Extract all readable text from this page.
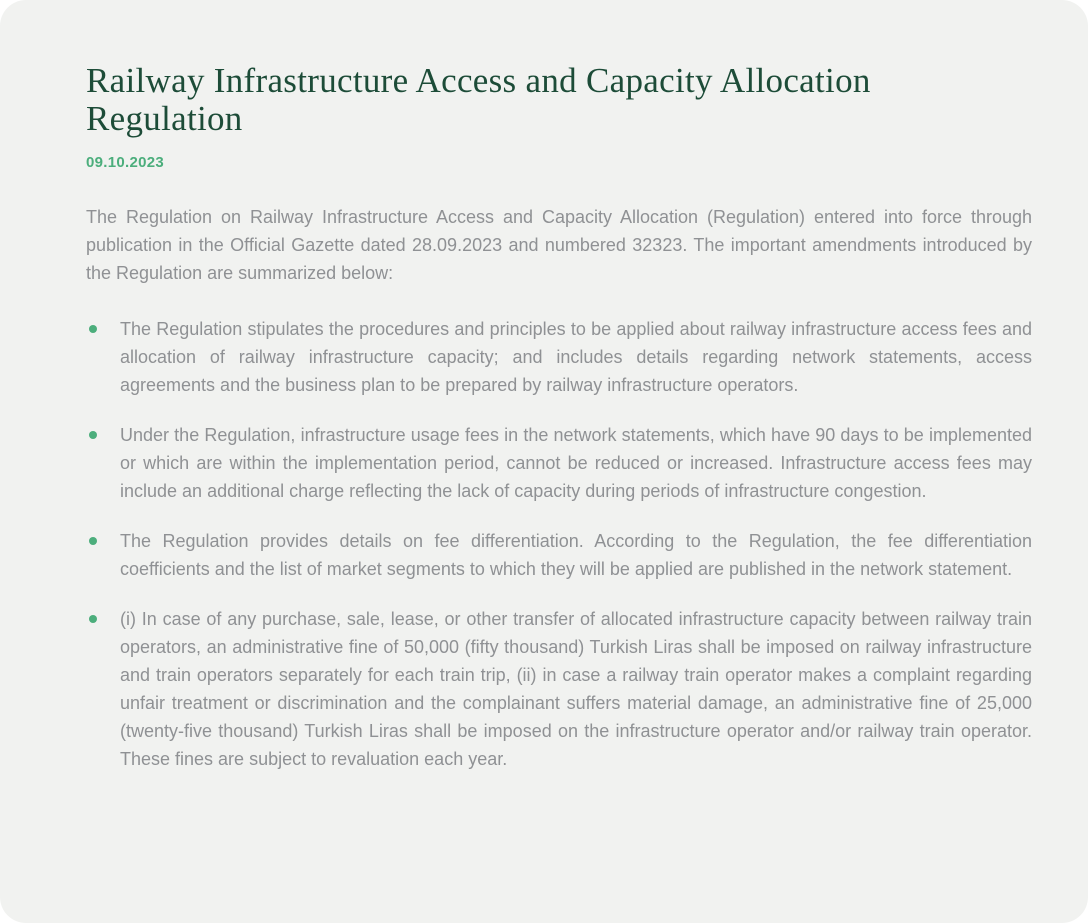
Railway Infrastructure Access and Capacity Allocation Regulation
09.10.2023

The Regulation on Railway Infrastructure Access and Capacity Allocation (Regulation) entered into force through publication in the Official Gazette dated 28.09.2023 and numbered 32323. The important amendments introduced by the Regulation are summarized below:

The Regulation stipulates the procedures and principles to be applied about railway infrastructure access fees and allocation of railway infrastructure capacity; and includes details regarding network statements, access agreements and the business plan to be prepared by railway infrastructure operators.
Under the Regulation, infrastructure usage fees in the network statements, which have 90 days to be implemented or which are within the implementation period, cannot be reduced or increased. Infrastructure access fees may include an additional charge reflecting the lack of capacity during periods of infrastructure congestion.
The Regulation provides details on fee differentiation. According to the Regulation, the fee differentiation coefficients and the list of market segments to which they will be applied are published in the network statement.
(i) In case of any purchase, sale, lease, or other transfer of allocated infrastructure capacity between railway train operators, an administrative fine of 50,000 (fifty thousand) Turkish Liras shall be imposed on railway infrastructure and train operators separately for each train trip, (ii) in case a railway train operator makes a complaint regarding unfair treatment or discrimination and the complainant suffers material damage, an administrative fine of 25,000 (twenty-five thousand) Turkish Liras shall be imposed on the infrastructure operator and/or railway train operator. These fines are subject to revaluation each year.
